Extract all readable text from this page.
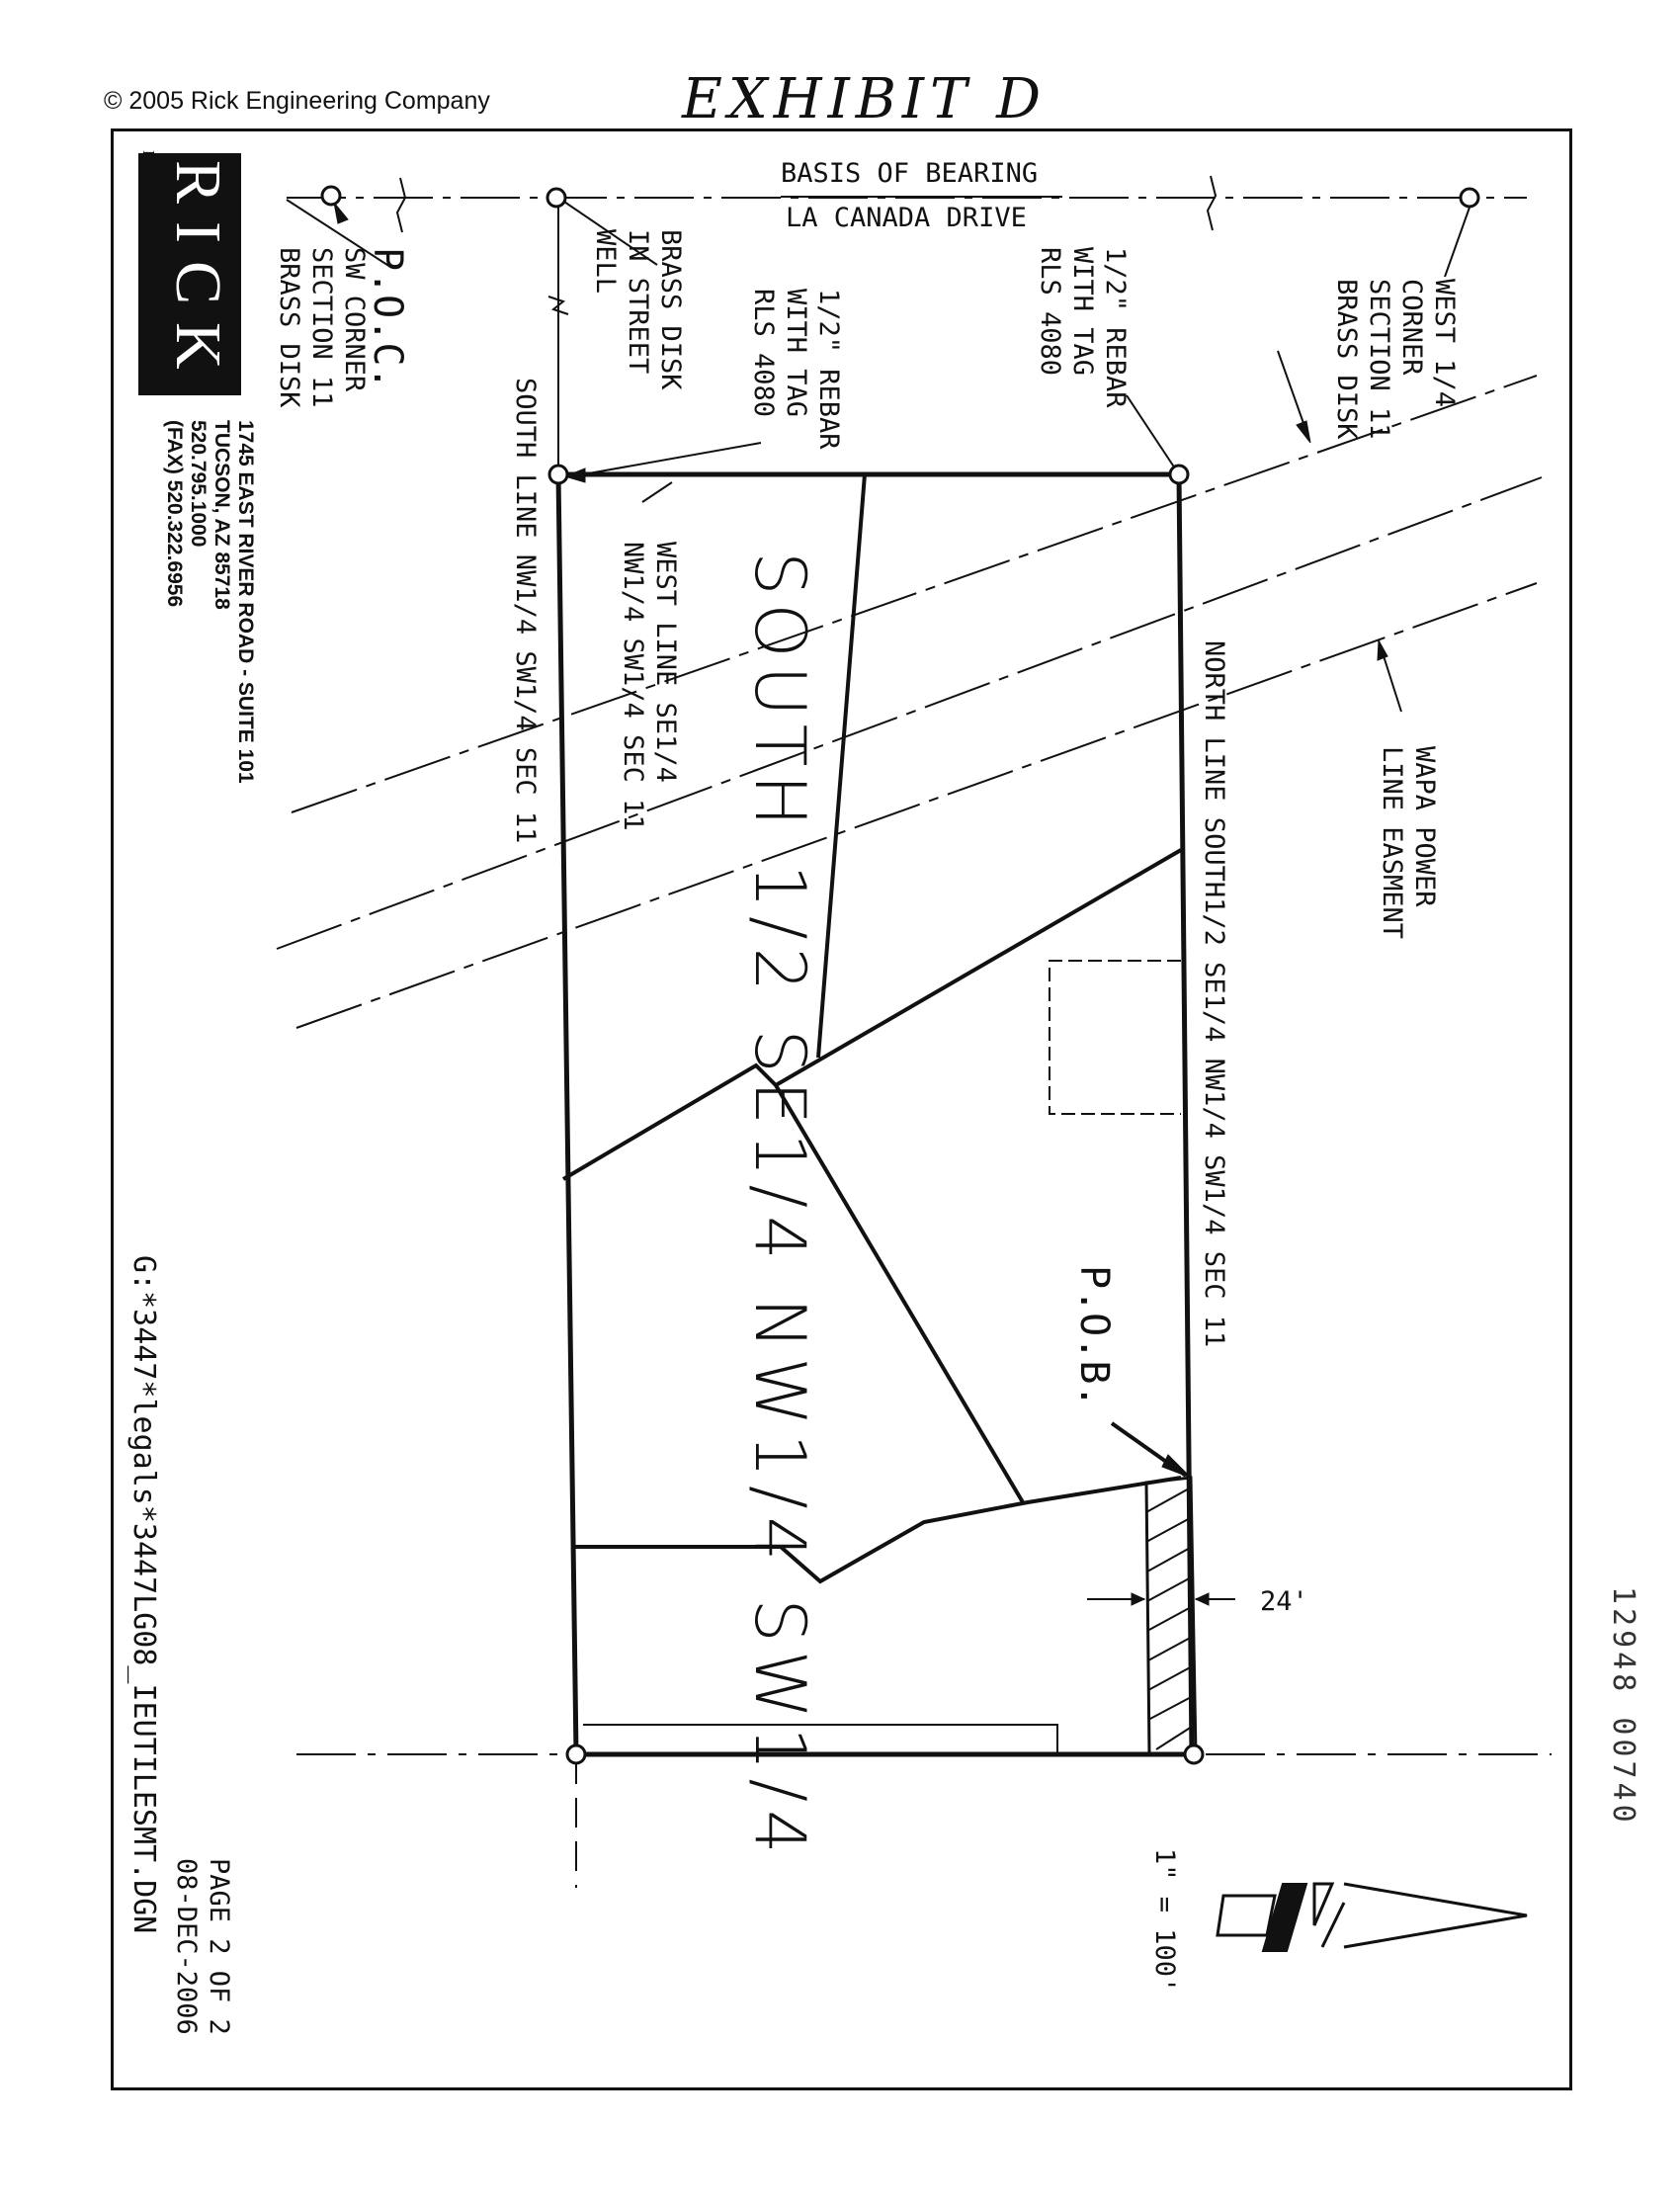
© 2005 Rick Engineering Company	EXHIBIT D
RICK
ENGINEERING COMPANY
1745 EAST RIVER ROAD - SUITE 101
TUCSON, AZ 85718
520.795.1000
(FAX) 520.322.6956
BASIS OF BEARING
LA CANADA DRIVE
24'
P.O.C.
SW CORNER
SECTION 11
BRASS DISK	BRASS DISK
IN STREET
WELL
1/2" REBAR
WITH TAG
RLS 4080	1/2" REBAR
WITH TAG
RLS 4080	WEST 1/4
CORNER
SECTION 11
BRASS DISK
SOUTH LINE NW1/4 SW1/4 SEC 11	WEST LINE SE1/4
NW1/4 SW1/4 SEC 11	NORTH LINE SOUTH1/2 SE1/4 NW1/4 SW1/4 SEC 11	WAPA POWER
LINE EASMENT
SOUTH 1/2 SE1/4 NW1/4 SW1/4	P.O.B.
1" = 100'
PAGE 2 OF 2
08-DEC-2006
G:*3447*legals*3447LG08_IEUTILESMT.DGN	12948 00740
